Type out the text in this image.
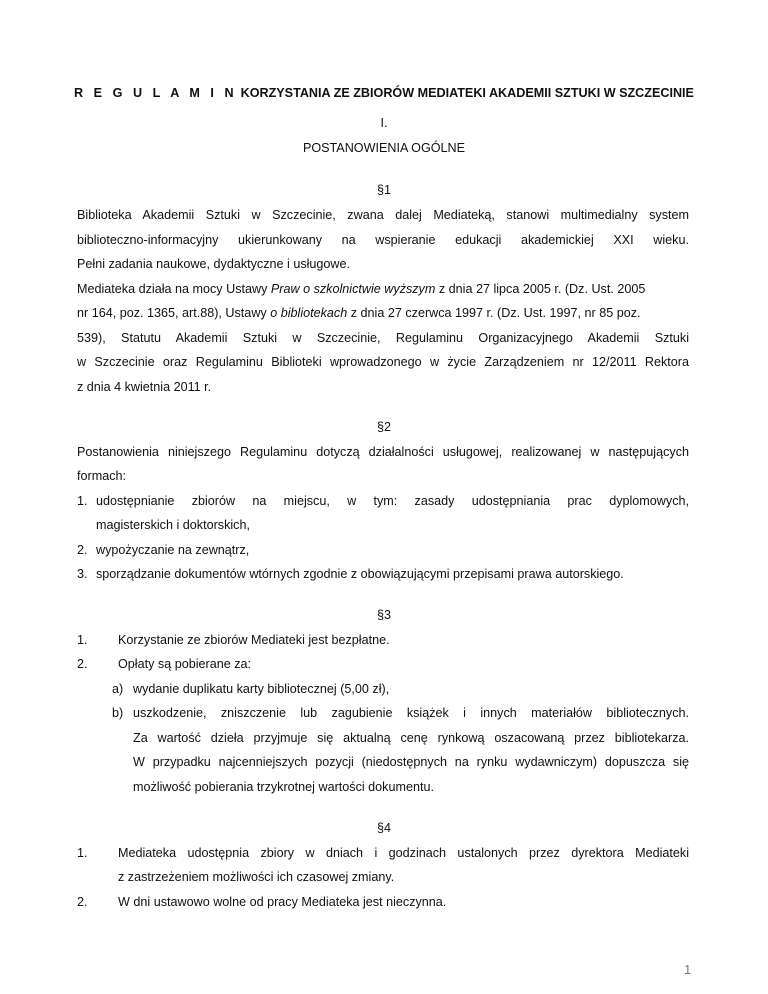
R E G U L A M I N KORZYSTANIA ZE ZBIORÓW MEDIATEKI AKADEMII SZTUKI W SZCZECINIE
I.
POSTANOWIENIA OGÓLNE
§1
Biblioteka Akademii Sztuki w Szczecinie, zwana dalej Mediateką, stanowi multimedialny system
biblioteczno-informacyjny ukierunkowany na wspieranie edukacji akademickiej XXI wieku.
Pełni zadania naukowe, dydaktyczne i usługowe.
Mediateka działa na mocy Ustawy Praw o szkolnictwie wyższym z dnia 27 lipca 2005 r. (Dz. Ust. 2005
nr 164, poz. 1365, art.88), Ustawy o bibliotekach z dnia 27 czerwca 1997 r. (Dz. Ust. 1997, nr 85 poz.
539), Statutu Akademii Sztuki w Szczecinie, Regulaminu Organizacyjnego Akademii Sztuki
w Szczecinie oraz Regulaminu Biblioteki wprowadzonego w życie Zarządzeniem nr 12/2011 Rektora
z dnia 4 kwietnia 2011 r.
§2
Postanowienia niniejszego Regulaminu dotyczą działalności usługowej, realizowanej w następujących
formach:
1. udostępnianie zbiorów na miejscu, w tym: zasady udostępniania prac dyplomowych,
magisterskich i doktorskich,
2. wypożyczanie na zewnątrz,
3. sporządzanie dokumentów wtórnych zgodnie z obowiązującymi przepisami prawa autorskiego.
§3
1. Korzystanie ze zbiorów Mediateki jest bezpłatne.
2. Opłaty są pobierane za:
a) wydanie duplikatu karty bibliotecznej (5,00 zł),
b) uszkodzenie, zniszczenie lub zagubienie książek i innych materiałów bibliotecznych.
Za wartość dzieła przyjmuje się aktualną cenę rynkową oszacowaną przez bibliotekarza.
W przypadku najcenniejszych pozycji (niedostępnych na rynku wydawniczym) dopuszcza się
możliwość pobierania trzykrotnej wartości dokumentu.
§4
1. Mediateka udostępnia zbiory w dniach i godzinach ustalonych przez dyrektora Mediateki
z zastrzeżeniem możliwości ich czasowej zmiany.
2. W dni ustawowo wolne od pracy Mediateka jest nieczynna.
1
